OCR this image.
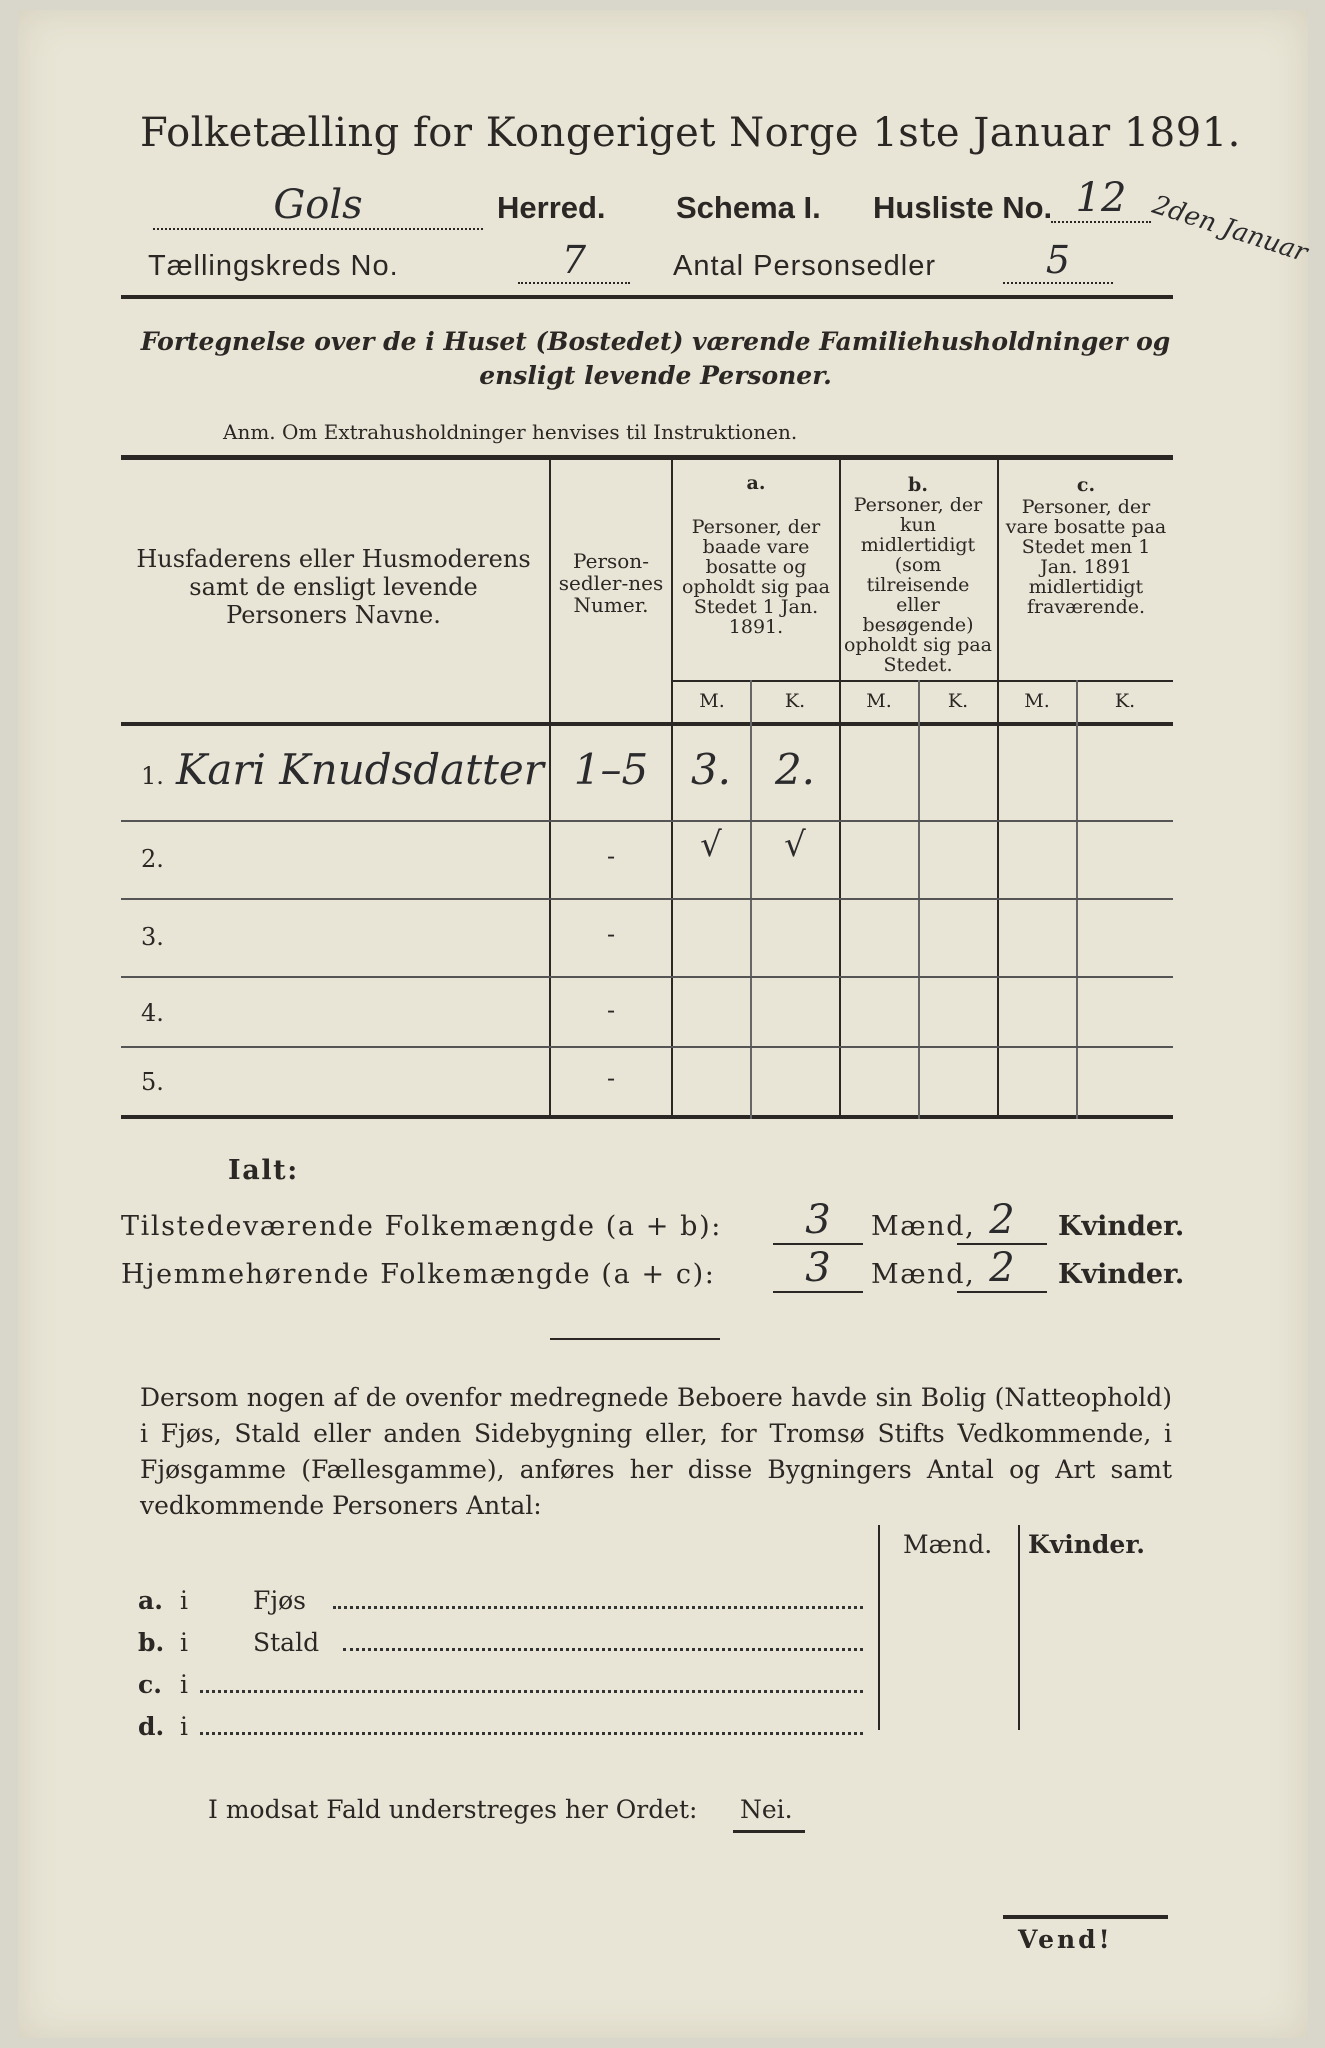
Folketælling for Kongeriget Norge 1ste Januar 1891.
Gols	Herred. Schema I. Husliste No. 12 2den Januar
Tællingskreds No.	7	Antal Personsedler	5
Fortegnelse over de i Huset (Bostedet) værende Familiehusholdninger og ensligt levende Personer.
Anm. Om Extrahusholdninger henvises til Instruktionen.
Husfaderens eller Husmoderens samt de ensligt levende Personers Navne.
Person-sedler-nes Numer.
a.
Personer, der baade vare bosatte og opholdt sig paa Stedet 1 Jan. 1891.
b.
Personer, der kun midlertidigt (som tilreisende eller besøgende) opholdt sig paa Stedet.
c.
Personer, der vare bosatte paa Stedet men 1 Jan. 1891 midlertidigt fraværende.
M.	K.	M.	K.	M.	K.
1. Kari Knudsdatter 1–5	3.	2.
2.	-	√	√
3.	-
4.	-
5.	-
Ialt:
Tilstedeværende Folkemængde (a + b):	3	Mænd, 2	Kvinder.
Hjemmehørende Folkemængde (a + c):	3	Mænd, 2	Kvinder.
Dersom nogen af de ovenfor medregnede Beboere havde sin Bolig (Natteophold) i Fjøs, Stald eller anden Sidebygning eller, for Tromsø Stifts Vedkommende, i Fjøsgamme (Fællesgamme), anføres her disse Bygningers Antal og Art samt vedkommende Personers Antal:
Mænd. Kvinder.
a. i	Fjøs
b. i	Stald
c. i
d. i
I modsat Fald understreges her Ordet: Nei.
Vend!
